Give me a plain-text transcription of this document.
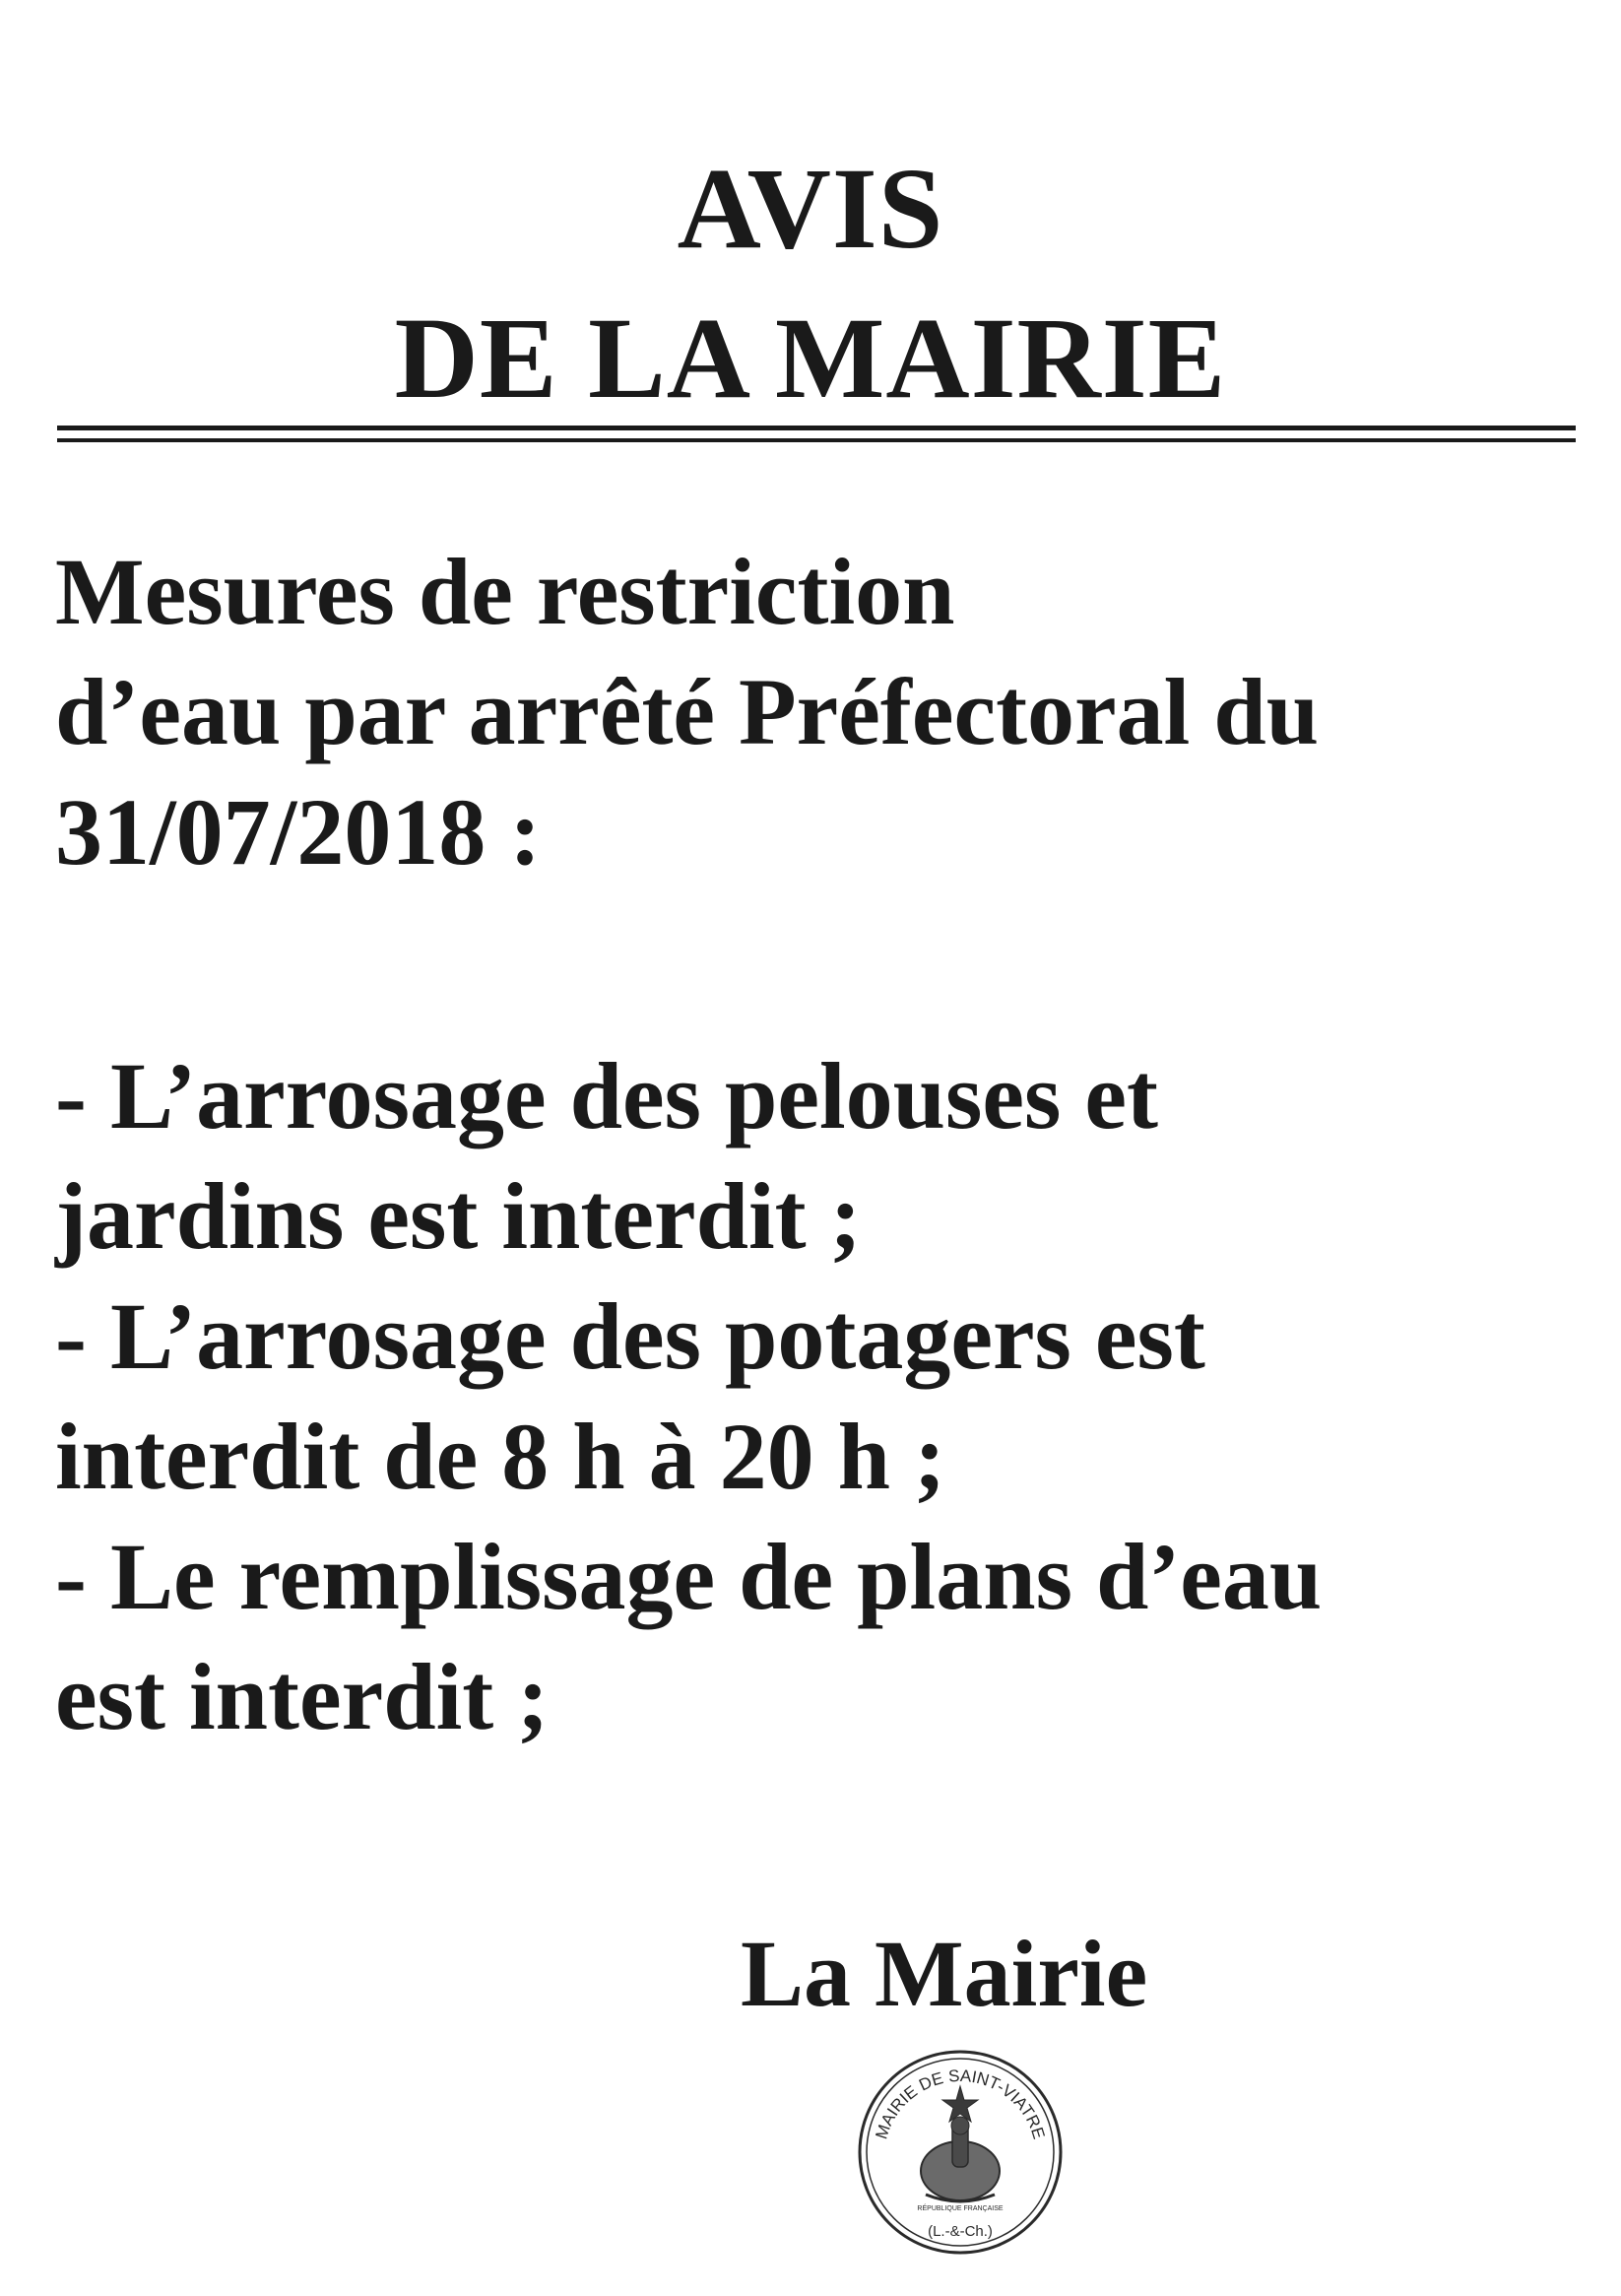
AVIS
DE LA MAIRIE
Mesures de restriction
d’eau par arrêté Préfectoral du
31/07/2018 :
- L’arrosage des pelouses et
jardins est interdit ;
- L’arrosage des potagers est
interdit de 8 h à 20 h ;
- Le remplissage de plans d’eau
est interdit ;
La Mairie
MAIRIE DE SAINT-VIATRE
RÉPUBLIQUE FRANÇAISE
(L.-&-Ch.)
